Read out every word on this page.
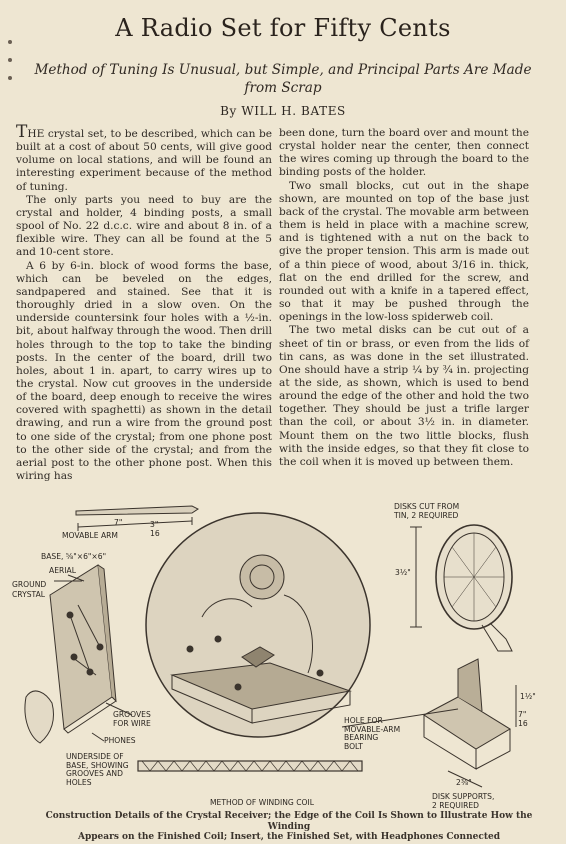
A Radio Set for Fifty Cents
Method of Tuning Is Unusual, but Simple, and Principal Parts Are Made from Scrap
By WILL H. BATES

THE crystal set, to be described, which can be built at a cost of about 50 cents, will give good volume on local stations, and will be found an interesting experiment because of the method of tuning.

The only parts you need to buy are the crystal and holder, 4 binding posts, a small spool of No. 22 d.c.c. wire and about 8 in. of a flexible wire. They can all be found at the 5 and 10-cent store.

A 6 by 6-in. block of wood forms the base, which can be beveled on the edges, sandpapered and stained. See that it is thoroughly dried in a slow oven. On the underside countersink four holes with a ½-in. bit, about halfway through the wood. Then drill holes through to the top to take the binding posts. In the center of the board, drill two holes, about 1 in. apart, to carry wires up to the crystal. Now cut grooves in the underside of the board, deep enough to receive the wires covered with spaghetti) as shown in the detail drawing, and run a wire from the ground post to one side of the crystal; from one phone post to the other side of the crystal; and from the aerial post to the other phone post. When this wiring has

been done, turn the board over and mount the crystal holder near the center, then connect the wires coming up through the board to the binding posts of the holder.

Two small blocks, cut out in the shape shown, are mounted on top of the base just back of the crystal. The movable arm between them is held in place with a machine screw, and is tightened with a nut on the back to give the proper tension. This arm is made out of a thin piece of wood, about 3/16 in. thick, flat on the end drilled for the screw, and rounded out with a knife in a tapered effect, so that it may be pushed through the openings in the low-loss spiderweb coil.

The two metal disks can be cut out of a sheet of tin or brass, or even from the lids of tin cans, as was done in the set illustrated. One should have a strip ¼ by ¾ in. projecting at the side, as shown, which is used to bend around the edge of the other and hold the two together. They should be just a trifle larger than the coil, or about 3½ in. in diameter. Mount them on the two little blocks, flush with the inside edges, so that they fit close to the coil when it is moved up between them.

MOVABLE ARM
7"	3"
16
BASE, ⅝"×6"×6"
AERIAL
GROUND
CRYSTAL
GROOVES
FOR WIRE
PHONES
UNDERSIDE OF
BASE, SHOWING
GROOVES AND
HOLES
DISKS CUT FROM
TIN, 2 REQUIRED
3½"
HOLE FOR
MOVABLE-ARM
BEARING
BOLT
METHOD OF WINDING COIL
DISK SUPPORTS,
2 REQUIRED
1½"
7"
16
2⅜"
Construction Details of the Crystal Receiver; the Edge of the Coil Is Shown to Illustrate How the Winding
Appears on the Finished Coil; Insert, the Finished Set, with Headphones Connected
